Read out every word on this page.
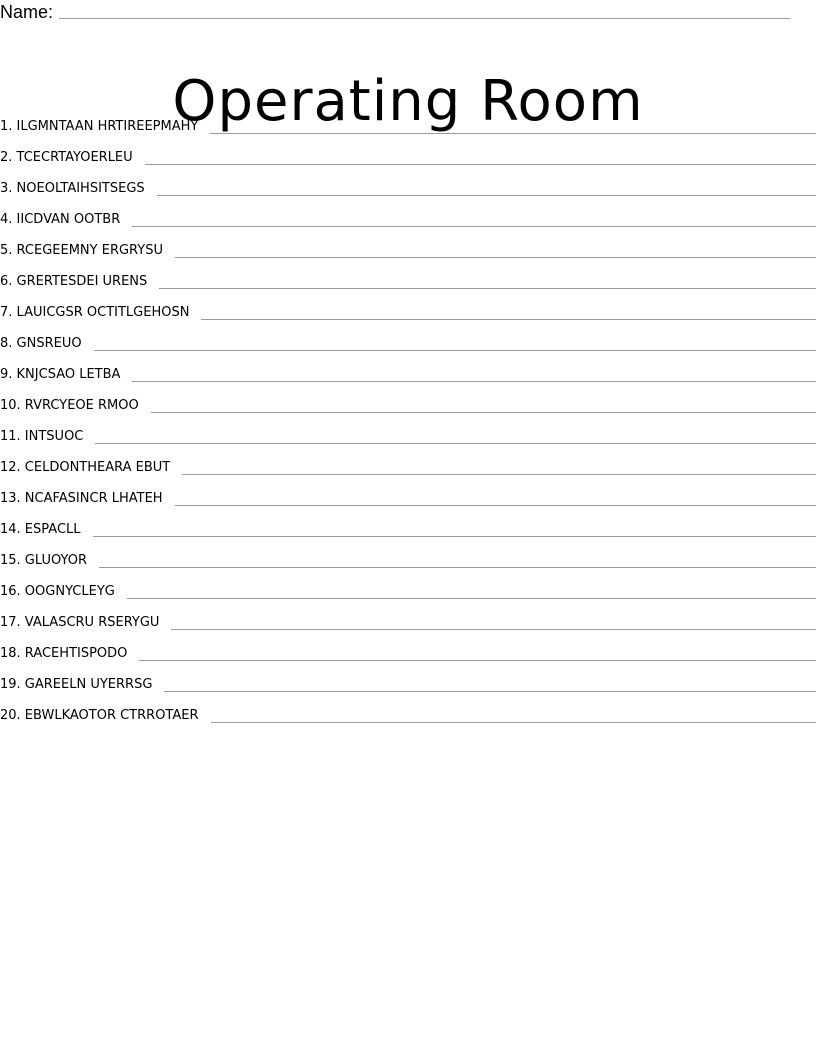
Name:
Operating Room
1. ILGMNTAAN HRTIREEPMAHY
2. TCECRTAYOERLEU
3. NOEOLTAIHSITSEGS
4. IICDVAN OOTBR
5. RCEGEEMNY ERGRYSU
6. GRERTESDEI URENS
7. LAUICGSR OCTITLGEHOSN
8. GNSREUO
9. KNJCSAO LETBA
10. RVRCYEOE RMOO
11. INTSUOC
12. CELDONTHEARA EBUT
13. NCAFASINCR LHATEH
14. ESPACLL
15. GLUOYOR
16. OOGNYCLEYG
17. VALASCRU RSERYGU
18. RACEHTISPODO
19. GAREELN UYERRSG
20. EBWLKAOTOR CTRROTAER
